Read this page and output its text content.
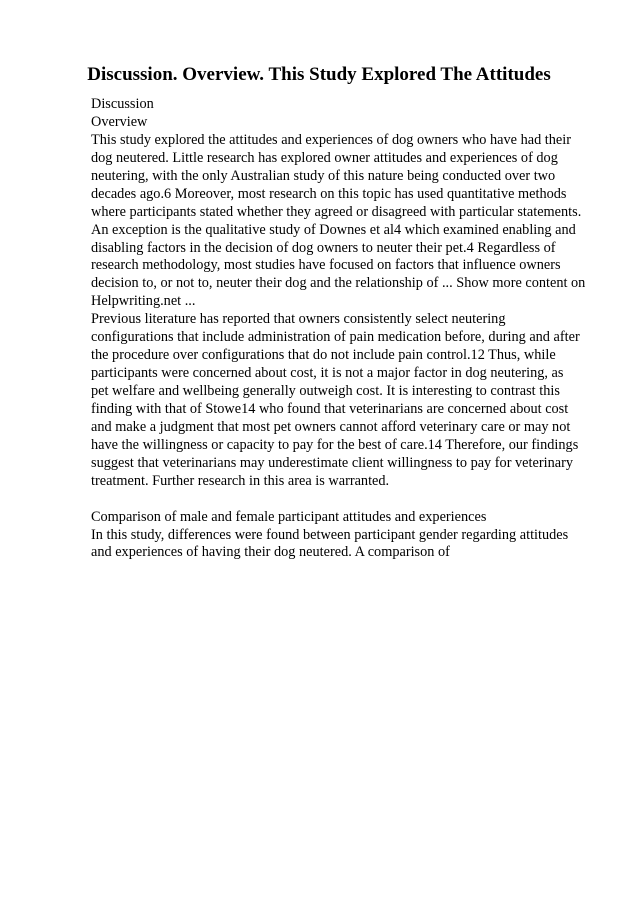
Discussion. Overview. This Study Explored The Attitudes
Discussion
Overview
This study explored the attitudes and experiences of dog owners who have had their
dog neutered. Little research has explored owner attitudes and experiences of dog
neutering, with the only Australian study of this nature being conducted over two
decades ago.6 Moreover, most research on this topic has used quantitative methods
where participants stated whether they agreed or disagreed with particular statements.
An exception is the qualitative study of Downes et al4 which examined enabling and
disabling factors in the decision of dog owners to neuter their pet.4 Regardless of
research methodology, most studies have focused on factors that influence owners
decision to, or not to, neuter their dog and the relationship of ... Show more content on
Helpwriting.net ...
Previous literature has reported that owners consistently select neutering
configurations that include administration of pain medication before, during and after
the procedure over configurations that do not include pain control.12 Thus, while
participants were concerned about cost, it is not a major factor in dog neutering, as
pet welfare and wellbeing generally outweigh cost. It is interesting to contrast this
finding with that of Stowe14 who found that veterinarians are concerned about cost
and make a judgment that most pet owners cannot afford veterinary care or may not
have the willingness or capacity to pay for the best of care.14 Therefore, our findings
suggest that veterinarians may underestimate client willingness to pay for veterinary
treatment. Further research in this area is warranted.
Comparison of male and female participant attitudes and experiences
In this study, differences were found between participant gender regarding attitudes
and experiences of having their dog neutered. A comparison of
